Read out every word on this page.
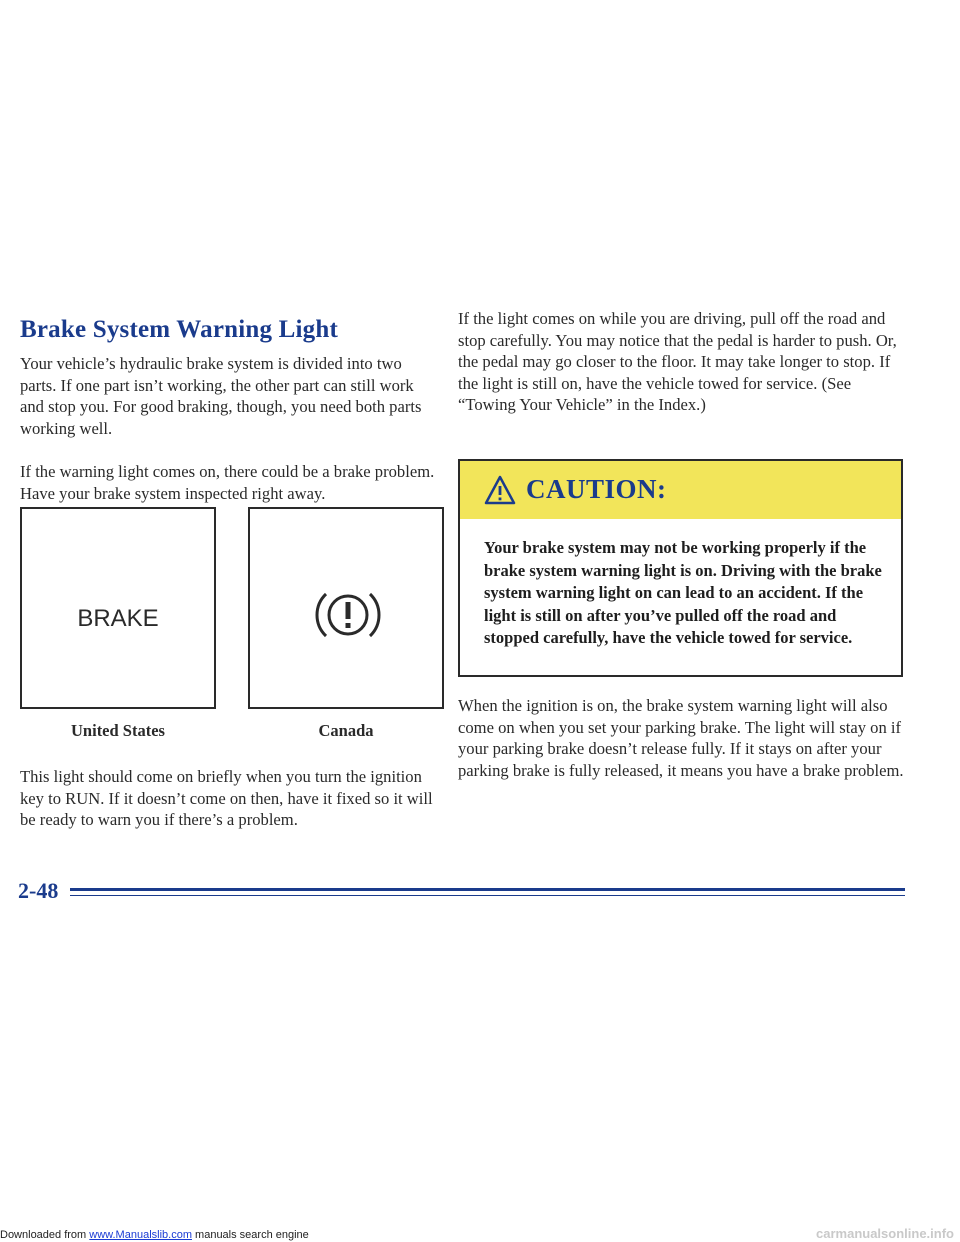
Downloaded from www.Manualslib.com manuals search engine	carmanualsonline.info
Brake System Warning Light

Your vehicle’s hydraulic brake system is divided into two parts. If one part isn’t working, the other part can still work and stop you. For good braking, though, you need both parts working well.

If the warning light comes on, there could be a brake problem. Have your brake system inspected right away.

BRAKE
United States	Canada

This light should come on briefly when you turn the ignition key to RUN. If it doesn’t come on then, have it fixed so it will be ready to warn you if there’s a problem.

If the light comes on while you are driving, pull off the road and stop carefully. You may notice that the pedal is harder to push. Or, the pedal may go closer to the floor. It may take longer to stop. If the light is still on, have the vehicle towed for service. (See “Towing Your Vehicle” in the Index.)

CAUTION:

Your brake system may not be working properly if the brake system warning light is on. Driving with the brake system warning light on can lead to an accident. If the light is still on after you’ve pulled off the road and stopped carefully, have the vehicle towed for service.

When the ignition is on, the brake system warning light will also come on when you set your parking brake. The light will stay on if your parking brake doesn’t release fully. If it stays on after your parking brake is fully released, it means you have a brake problem.

2-48
